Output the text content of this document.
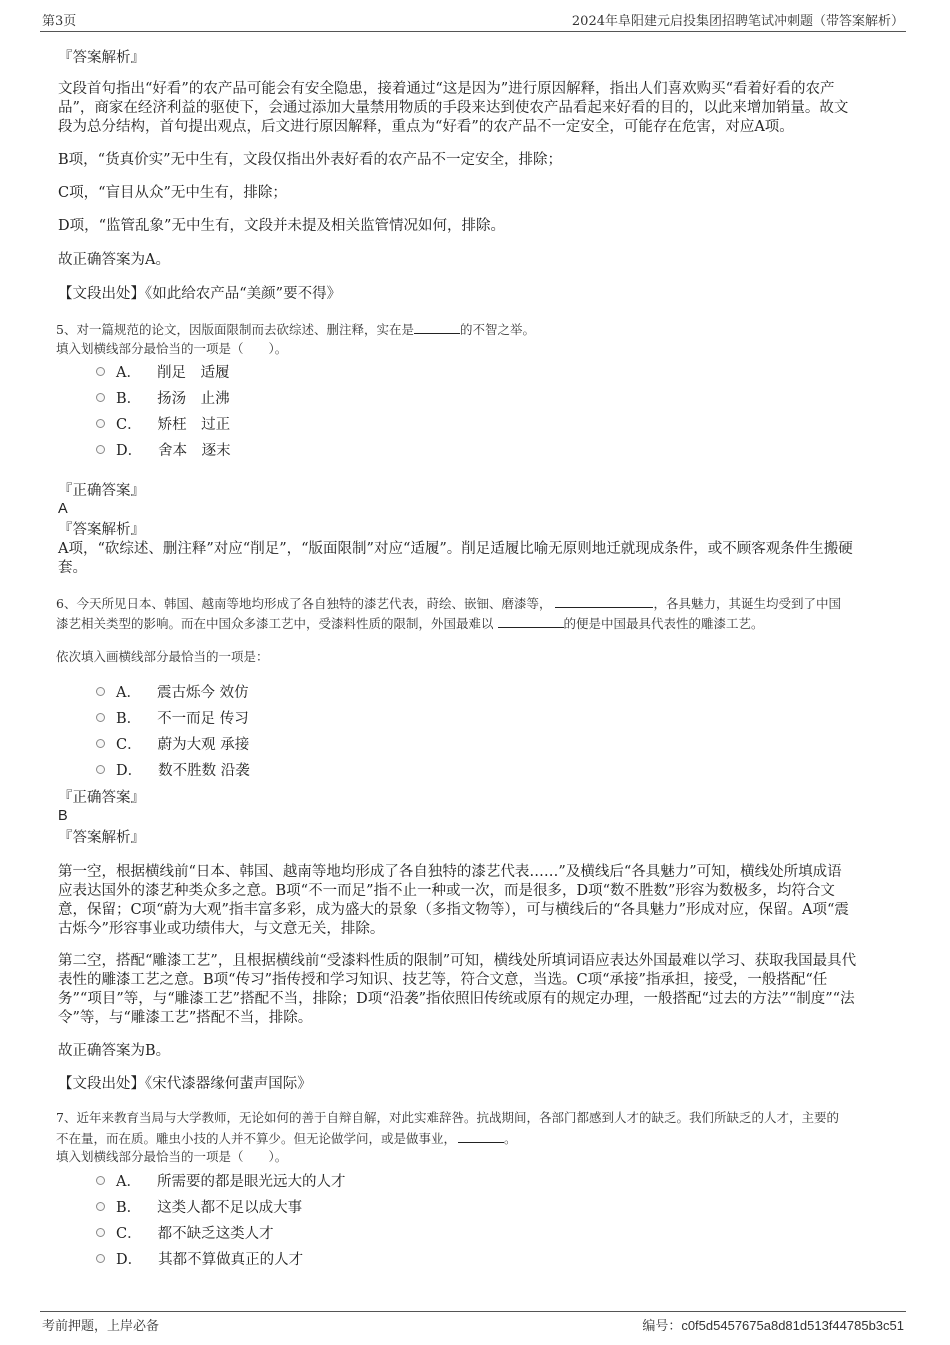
第3页	2024年阜阳建元启投集团招聘笔试冲刺题（带答案解析）
『答案解析』
文段首句指出“好看”的农产品可能会有安全隐患，接着通过“这是因为”进行原因解释，指出人们喜欢购买“看着好看的农产
品”，商家在经济利益的驱使下，会通过添加大量禁用物质的手段来达到使农产品看起来好看的目的，以此来增加销量。故文
段为总分结构，首句提出观点，后文进行原因解释，重点为“好看”的农产品不一定安全，可能存在危害，对应A项。
B项，“货真价实”无中生有，文段仅指出外表好看的农产品不一定安全，排除；
C项，“盲目从众”无中生有，排除；
D项，“监管乱象”无中生有，文段并未提及相关监管情况如何，排除。
故正确答案为A。
【文段出处】《如此给农产品“美颜”要不得》
5、对一篇规范的论文，因版面限制而去砍综述、删注释，实在是	的不智之举。
填入划横线部分最恰当的一项是（　　）。
A． 削足　适履
B． 扬汤　止沸
C． 矫枉　过正
D． 舍本　逐末
『正确答案』
A
『答案解析』
A项，“砍综述、删注释”对应“削足”，“版面限制”对应“适履”。削足适履比喻无原则地迁就现成条件，或不顾客观条件生搬硬
套。
6、今天所见日本、韩国、越南等地均形成了各自独特的漆艺代表，莳绘、嵌钿、磨漆等，	，各具魅力，其诞生均受到了中国
漆艺相关类型的影响。而在中国众多漆工艺中，受漆料性质的限制，外国最难以	的便是中国最具代表性的雕漆工艺。
依次填入画横线部分最恰当的一项是：
A． 震古烁今 效仿
B． 不一而足 传习
C． 蔚为大观 承接
D． 数不胜数 沿袭
『正确答案』
B
『答案解析』
第一空，根据横线前“日本、韩国、越南等地均形成了各自独特的漆艺代表……”及横线后“各具魅力”可知，横线处所填成语
应表达国外的漆艺种类众多之意。B项“不一而足”指不止一种或一次，而是很多，D项“数不胜数”形容为数极多，均符合文
意，保留；C项“蔚为大观”指丰富多彩，成为盛大的景象（多指文物等），可与横线后的“各具魅力”形成对应，保留。A项“震
古烁今”形容事业或功绩伟大，与文意无关，排除。
第二空，搭配“雕漆工艺”，且根据横线前“受漆料性质的限制”可知，横线处所填词语应表达外国最难以学习、获取我国最具代
表性的雕漆工艺之意。B项“传习”指传授和学习知识、技艺等，符合文意，当选。C项“承接”指承担，接受，一般搭配“任
务”“项目”等，与“雕漆工艺”搭配不当，排除；D项“沿袭”指依照旧传统或原有的规定办理，一般搭配“过去的方法”“制度”“法
令”等，与“雕漆工艺”搭配不当，排除。
故正确答案为B。
【文段出处】《宋代漆器缘何蜚声国际》
7、近年来教育当局与大学教师，无论如何的善于自辩自解，对此实难辞咎。抗战期间，各部门都感到人才的缺乏。我们所缺乏的人才，主要的
不在量，而在质。雕虫小技的人并不算少。但无论做学问，或是做事业，	。
填入划横线部分最恰当的一项是（　　）。
A． 所需要的都是眼光远大的人才
B． 这类人都不足以成大事
C． 都不缺乏这类人才
D． 其都不算做真正的人才
考前押题，上岸必备	编号：c0f5d5457675a8d81d513f44785b3c51
